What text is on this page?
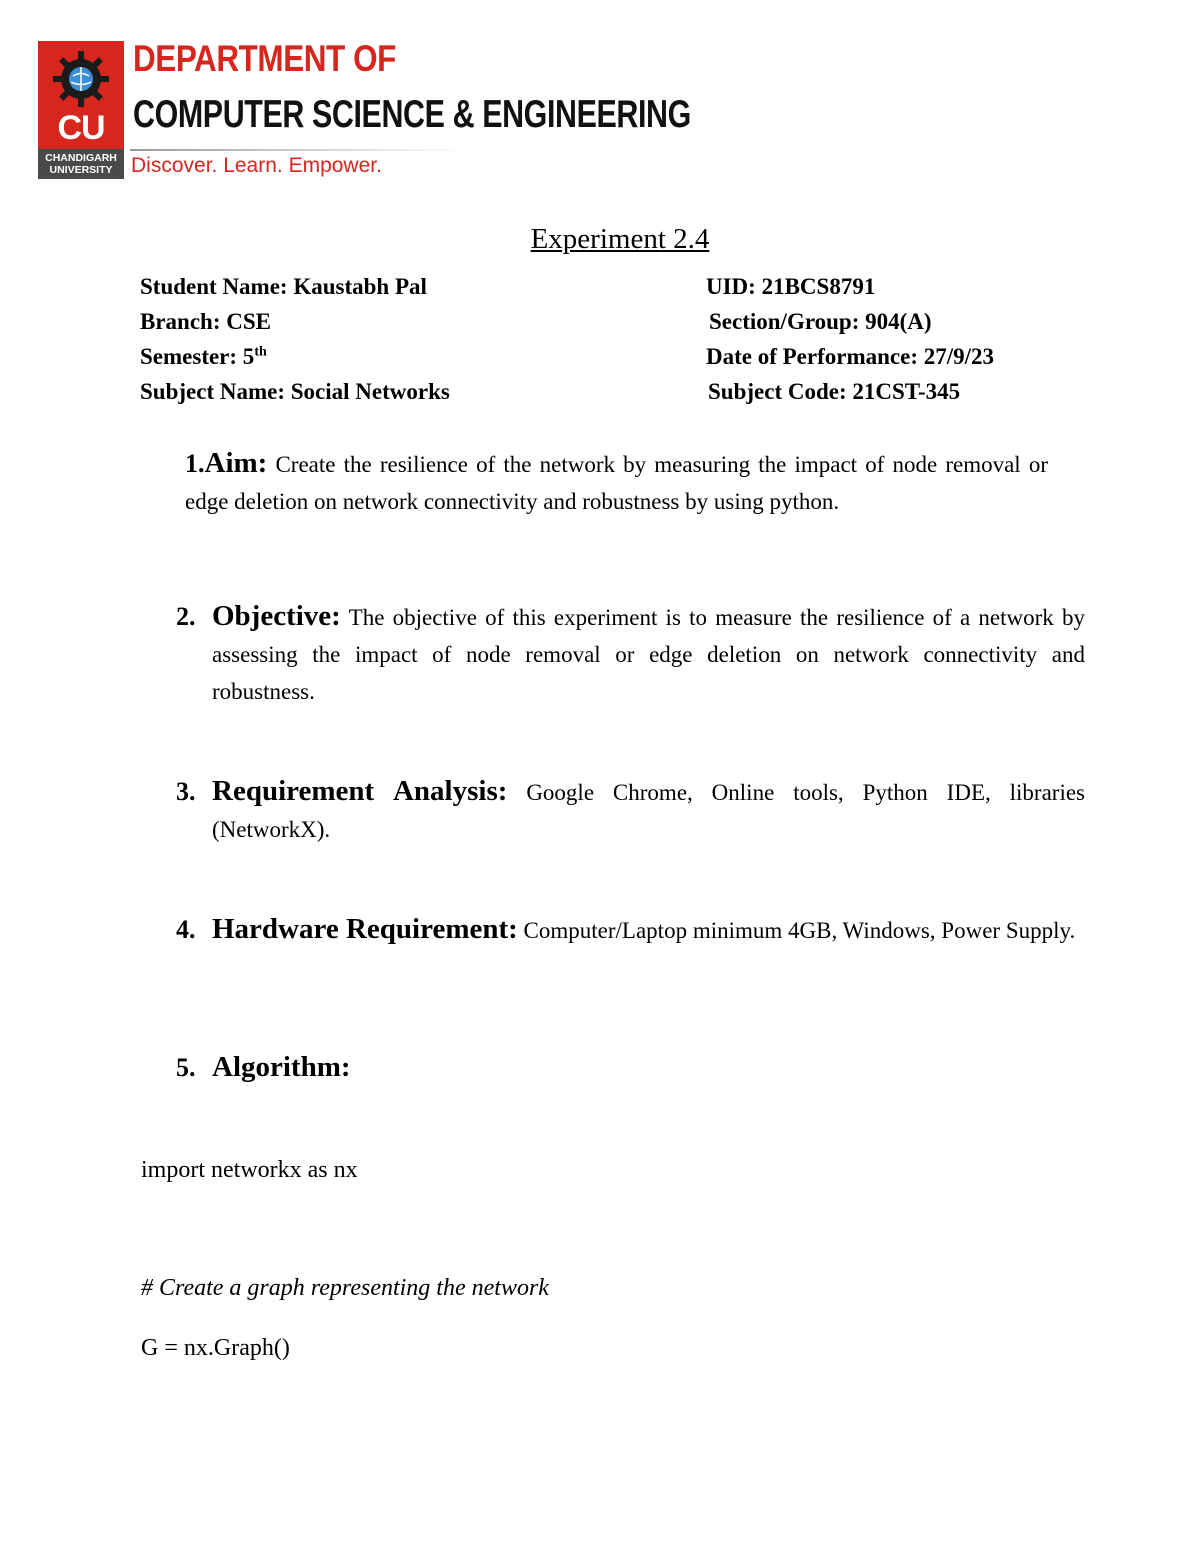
CU
CHANDIGARH
UNIVERSITY
DEPARTMENT OF
COMPUTER SCIENCE & ENGINEERING
Discover. Learn. Empower.
Experiment 2.4
Student Name: Kaustabh Pal	UID: 21BCS8791
Branch: CSE	Section/Group: 904(A)
Semester: 5th	Date of Performance: 27/9/23
Subject Name: Social Networks	Subject Code: 21CST-345
1.Aim: Create the resilience of the network by measuring the impact of node removal or edge deletion on network connectivity and robustness by using python.
2. Objective: The objective of this experiment is to measure the resilience of a network by assessing the impact of node removal or edge deletion on network connectivity and robustness.
3. Requirement Analysis: Google Chrome, Online tools, Python IDE, libraries (NetworkX).
4. Hardware Requirement: Computer/Laptop minimum 4GB, Windows, Power Supply.
5. Algorithm:
import networkx as nx
# Create a graph representing the network
G = nx.Graph()
